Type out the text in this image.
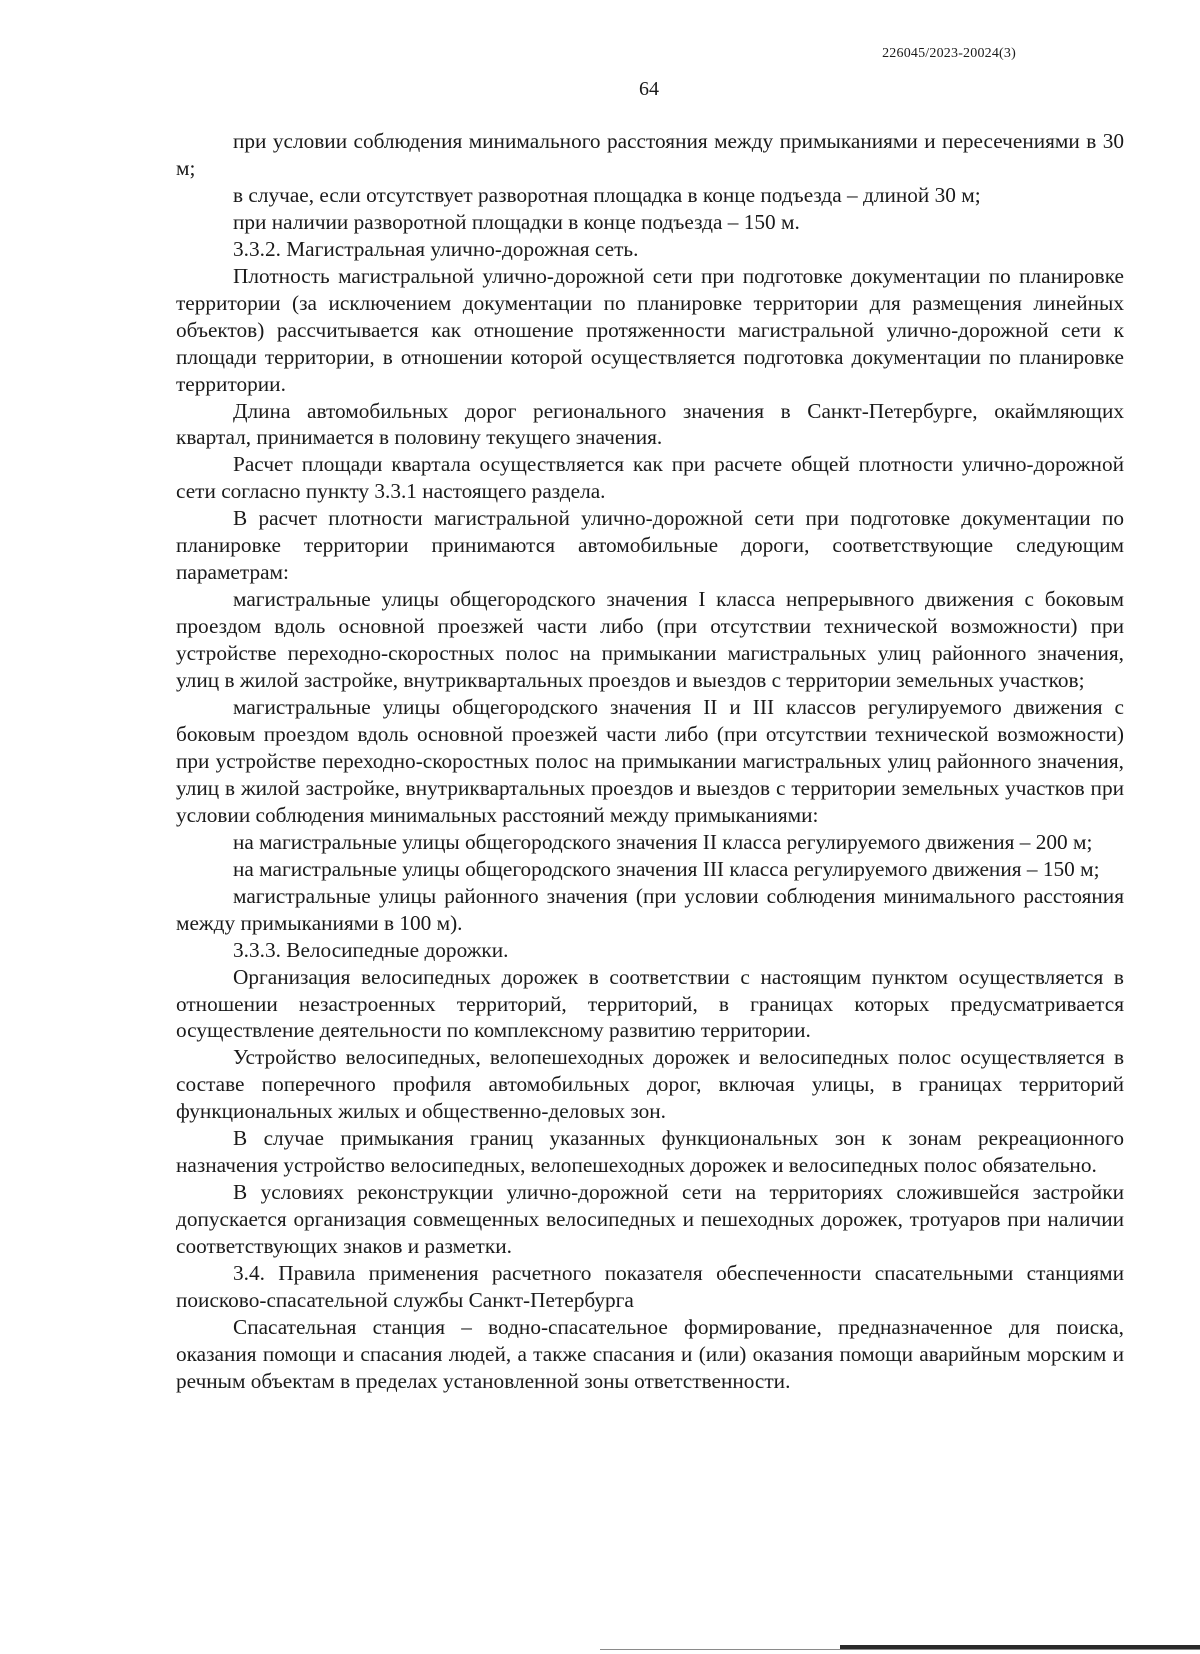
226045/2023-20024(3)
64

при условии соблюдения минимального расстояния между примыканиями и пересечениями в 30 м;

в случае, если отсутствует разворотная площадка в конце подъезда – длиной 30 м;

при наличии разворотной площадки в конце подъезда – 150 м.

3.3.2. Магистральная улично-дорожная сеть.

Плотность магистральной улично-дорожной сети при подготовке документации по планировке территории (за исключением документации по планировке территории для размещения линейных объектов) рассчитывается как отношение протяженности магистральной улично-дорожной сети к площади территории, в отношении которой осуществляется подготовка документации по планировке территории.

Длина автомобильных дорог регионального значения в Санкт-Петербурге, окаймляющих квартал, принимается в половину текущего значения.

Расчет площади квартала осуществляется как при расчете общей плотности улично-дорожной сети согласно пункту 3.3.1 настоящего раздела.

В расчет плотности магистральной улично-дорожной сети при подготовке документации по планировке территории принимаются автомобильные дороги, соответствующие следующим параметрам:

магистральные улицы общегородского значения I класса непрерывного движения с боковым проездом вдоль основной проезжей части либо (при отсутствии технической возможности) при устройстве переходно-скоростных полос на примыкании магистральных улиц районного значения, улиц в жилой застройке, внутриквартальных проездов и выездов с территории земельных участков;

магистральные улицы общегородского значения II и III классов регулируемого движения с боковым проездом вдоль основной проезжей части либо (при отсутствии технической возможности) при устройстве переходно-скоростных полос на примыкании магистральных улиц районного значения, улиц в жилой застройке, внутриквартальных проездов и выездов с территории земельных участков при условии соблюдения минимальных расстояний между примыканиями:

на магистральные улицы общегородского значения II класса регулируемого движения – 200 м;

на магистральные улицы общегородского значения III класса регулируемого движения – 150 м;

магистральные улицы районного значения (при условии соблюдения минимального расстояния между примыканиями в 100 м).

3.3.3. Велосипедные дорожки.

Организация велосипедных дорожек в соответствии с настоящим пунктом осуществляется в отношении незастроенных территорий, территорий, в границах которых предусматривается осуществление деятельности по комплексному развитию территории.

Устройство велосипедных, велопешеходных дорожек и велосипедных полос осуществляется в составе поперечного профиля автомобильных дорог, включая улицы, в границах территорий функциональных жилых и общественно-деловых зон.

В случае примыкания границ указанных функциональных зон к зонам рекреационного назначения устройство велосипедных, велопешеходных дорожек и велосипедных полос обязательно.

В условиях реконструкции улично-дорожной сети на территориях сложившейся застройки допускается организация совмещенных велосипедных и пешеходных дорожек, тротуаров при наличии соответствующих знаков и разметки.

3.4. Правила применения расчетного показателя обеспеченности спасательными станциями поисково-спасательной службы Санкт-Петербурга

Спасательная станция – водно-спасательное формирование, предназначенное для поиска, оказания помощи и спасания людей, а также спасания и (или) оказания помощи аварийным морским и речным объектам в пределах установленной зоны ответственности.
